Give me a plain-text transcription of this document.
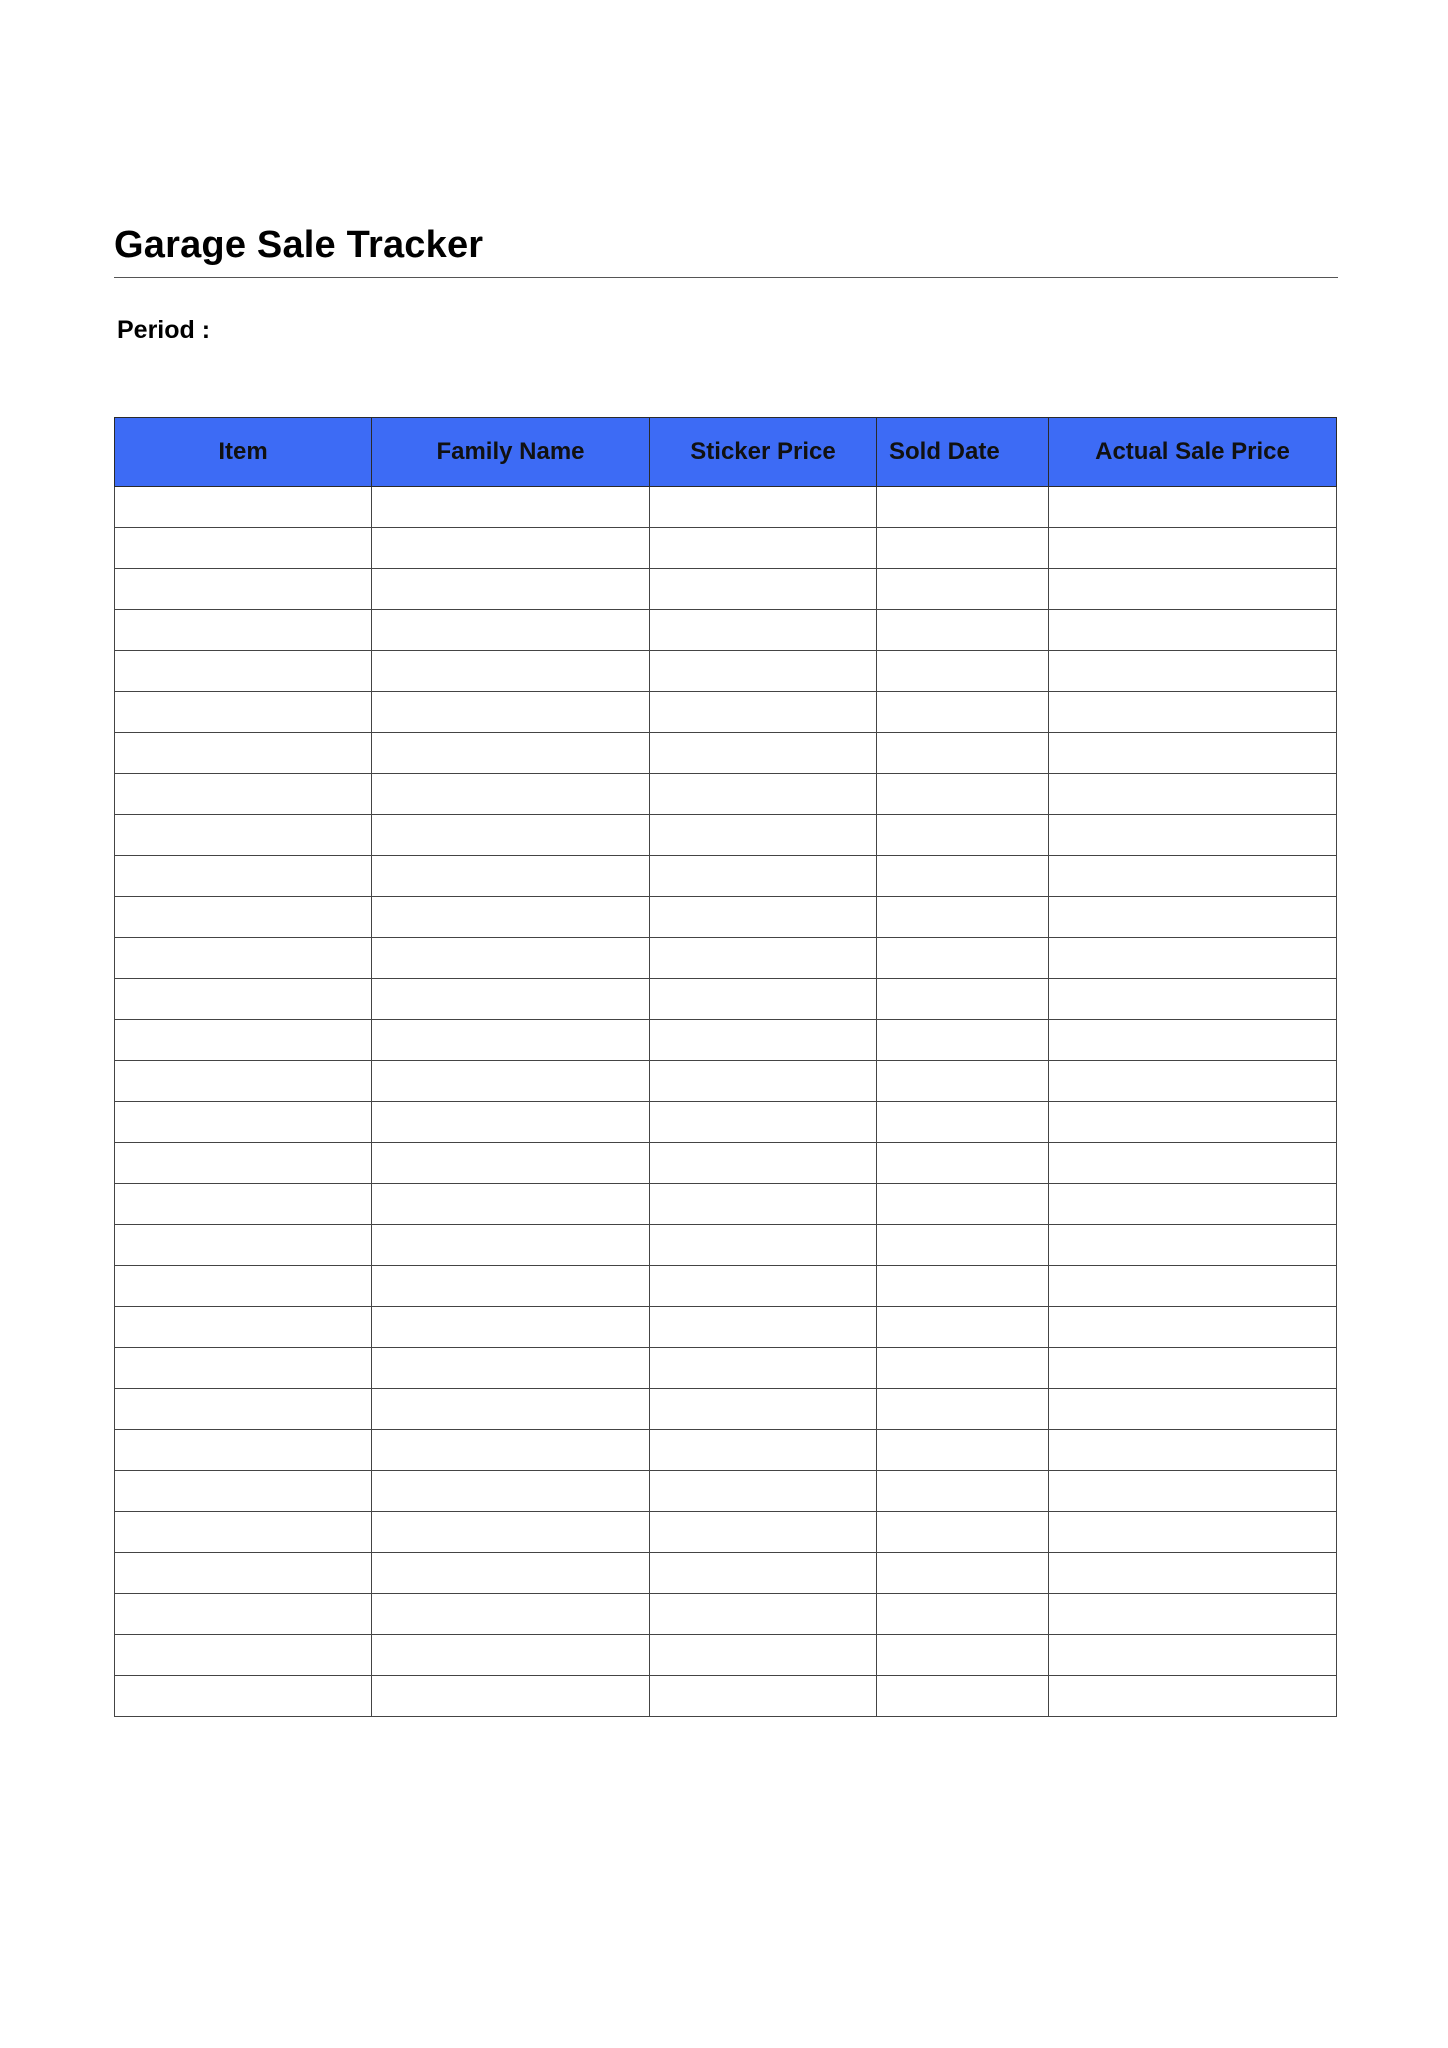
Garage Sale Tracker
Period :
Item	Family Name	Sticker Price	Sold Date	Actual Sale Price
